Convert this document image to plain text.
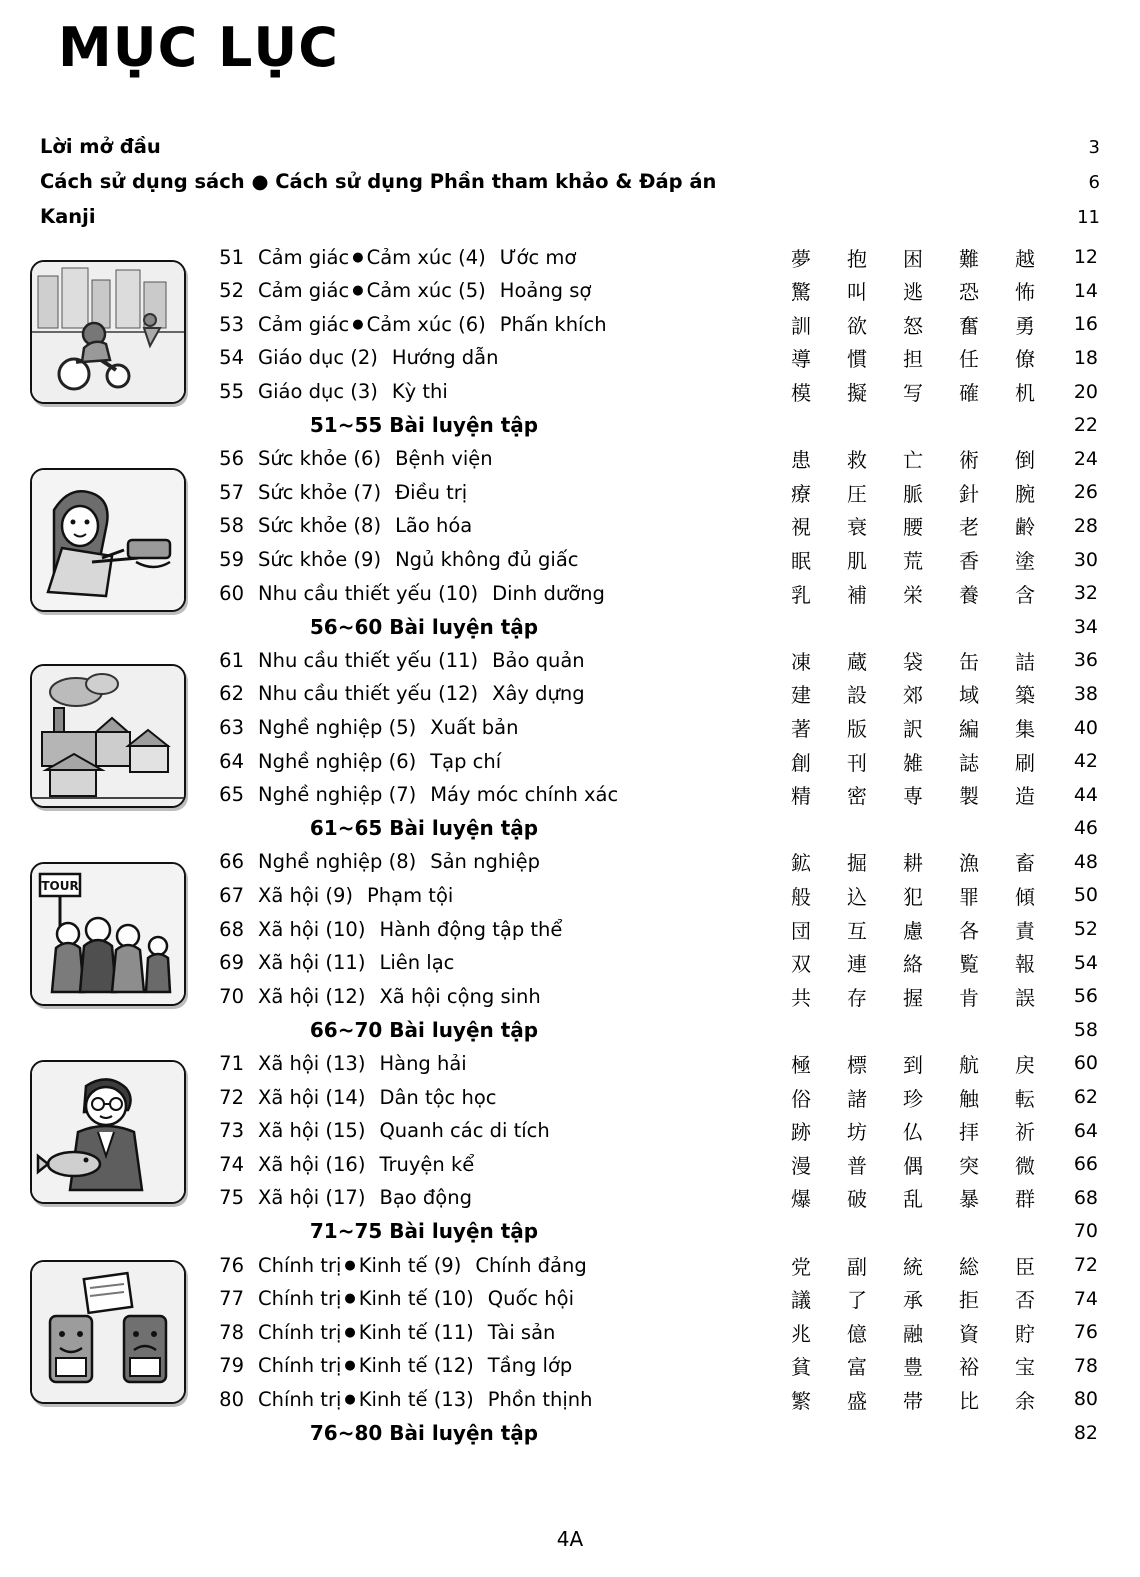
MỤC LỤC
Lời mở đầu	3
Cách sử dụng sách ● Cách sử dụng Phần tham khảo & Đáp án	6
Kanji	11
TOUR
51 Cảm giác ● Cảm xúc (4) Ước mơ	夢	抱	困	難	越	12
52 Cảm giác ● Cảm xúc (5) Hoảng sợ	驚	叫	逃	恐	怖	14
53 Cảm giác ● Cảm xúc (6) Phấn khích	訓	欲	怒	奮	勇	16
54 Giáo dục (2) Hướng dẫn	導	慣	担	任	僚	18
55 Giáo dục (3) Kỳ thi	模	擬	写	確	机	20
51~55 Bài luyện tập	22
56 Sức khỏe (6) Bệnh viện	患	救	亡	術	倒	24
57 Sức khỏe (7) Điều trị	療	圧	脈	針	腕	26
58 Sức khỏe (8) Lão hóa	視	衰	腰	老	齢	28
59 Sức khỏe (9) Ngủ không đủ giấc	眠	肌	荒	香	塗	30
60 Nhu cầu thiết yếu (10) Dinh dưỡng	乳	補	栄	養	含	32
56~60 Bài luyện tập	34
61 Nhu cầu thiết yếu (11) Bảo quản	凍	蔵	袋	缶	詰	36
62 Nhu cầu thiết yếu (12) Xây dựng	建	設	郊	域	築	38
63 Nghề nghiệp (5) Xuất bản	著	版	訳	編	集	40
64 Nghề nghiệp (6) Tạp chí	創	刊	雑	誌	刷	42
65 Nghề nghiệp (7) Máy móc chính xác	精	密	専	製	造	44
61~65 Bài luyện tập	46
66 Nghề nghiệp (8) Sản nghiệp	鉱	掘	耕	漁	畜	48
67 Xã hội (9) Phạm tội	般	込	犯	罪	傾	50
68 Xã hội (10) Hành động tập thể	団	互	慮	各	責	52
69 Xã hội (11) Liên lạc	双	連	絡	覧	報	54
70 Xã hội (12) Xã hội cộng sinh	共	存	握	肯	誤	56
66~70 Bài luyện tập	58
71 Xã hội (13) Hàng hải	極	標	到	航	戻	60
72 Xã hội (14) Dân tộc học	俗	諸	珍	触	転	62
73 Xã hội (15) Quanh các di tích	跡	坊	仏	拝	祈	64
74 Xã hội (16) Truyện kể	漫	普	偶	突	微	66
75 Xã hội (17) Bạo động	爆	破	乱	暴	群	68
71~75 Bài luyện tập	70
76 Chính trị ● Kinh tế (9) Chính đảng	党	副	統	総	臣	72
77 Chính trị ● Kinh tế (10) Quốc hội	議	了	承	拒	否	74
78 Chính trị ● Kinh tế (11) Tài sản	兆	億	融	資	貯	76
79 Chính trị ● Kinh tế (12) Tầng lớp	貧	富	豊	裕	宝	78
80 Chính trị ● Kinh tế (13) Phồn thịnh	繁	盛	帯	比	余	80
76~80 Bài luyện tập	82
4A
